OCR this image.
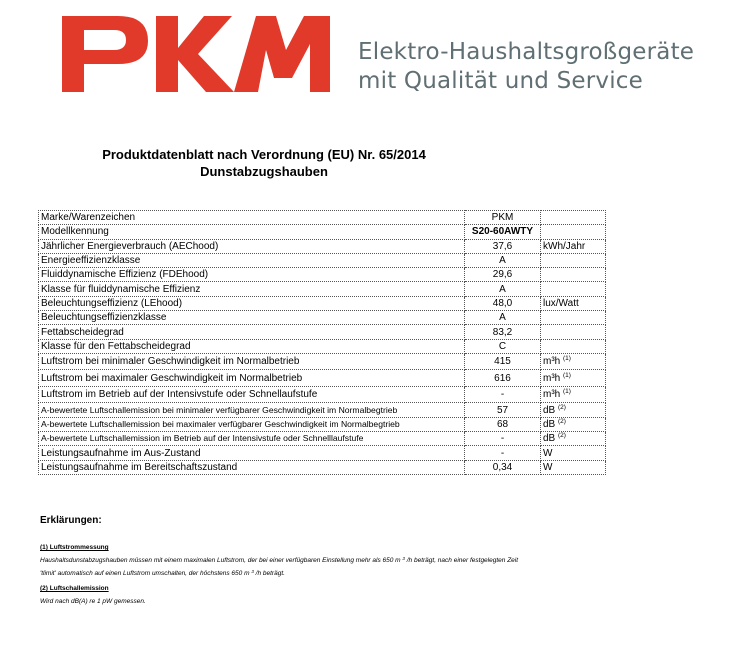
Elektro-Haushaltsgroßgeräte
mit Qualität und Service
Produktdatenblatt nach Verordnung (EU) Nr. 65/2014
Dunstabzugshauben
Marke/Warenzeichen	PKM	
Modellkennung	S20-60AWTY	
Jährlicher Energieverbrauch (AEChood)	37,6	kWh/Jahr
Energieeffizienzklasse	A	
Fluiddynamische Effizienz (FDEhood)	29,6	
Klasse für fluiddynamische Effizienz	A	
Beleuchtungseffizienz (LEhood)	48,0	lux/Watt
Beleuchtungseffizienzklasse	A	
Fettabscheidegrad	83,2	
Klasse für den Fettabscheidegrad	C	
Luftstrom bei minimaler Geschwindigkeit im Normalbetrieb	415	m³h $^{(1)}$
Luftstrom bei maximaler Geschwindigkeit im Normalbetrieb	616	m³h $^{(1)}$
Luftstrom im Betrieb auf der Intensivstufe oder Schnellaufstufe	-	m³h $^{(1)}$
A-bewertete Luftschallemission bei minimaler verfügbarer Geschwindigkeit im Normalbegtrieb	57	dB $^{(2)}$
A-bewertete Luftschallemission bei maximaler verfügbarer Geschwindigkeit im Normalbegtrieb	68	dB $^{(2)}$
A-bewertete Luftschallemission im Betrieb auf der Intensivstufe oder Schnelllaufstufe	-	dB $^{(2)}$
Leistungsaufnahme im Aus-Zustand	-	W
Leistungsaufnahme im Bereitschaftszustand	0,34	W
Erklärungen:
(1) Luftstrommessung
Haushaltsdunstabzugshauben müssen mit einem maximalen Luftstrom, der bei einer verfügbaren Einstellung mehr als 650 m $^3$ /h beträgt, nach einer festgelegten Zeit
'tlimit' automatisch auf einen Luftstrom umschalten, der höchstens 650 m $^3$ /h beträgt.
(2) Luftschallemission
Wird nach dB(A) re 1 pW gemessen.
